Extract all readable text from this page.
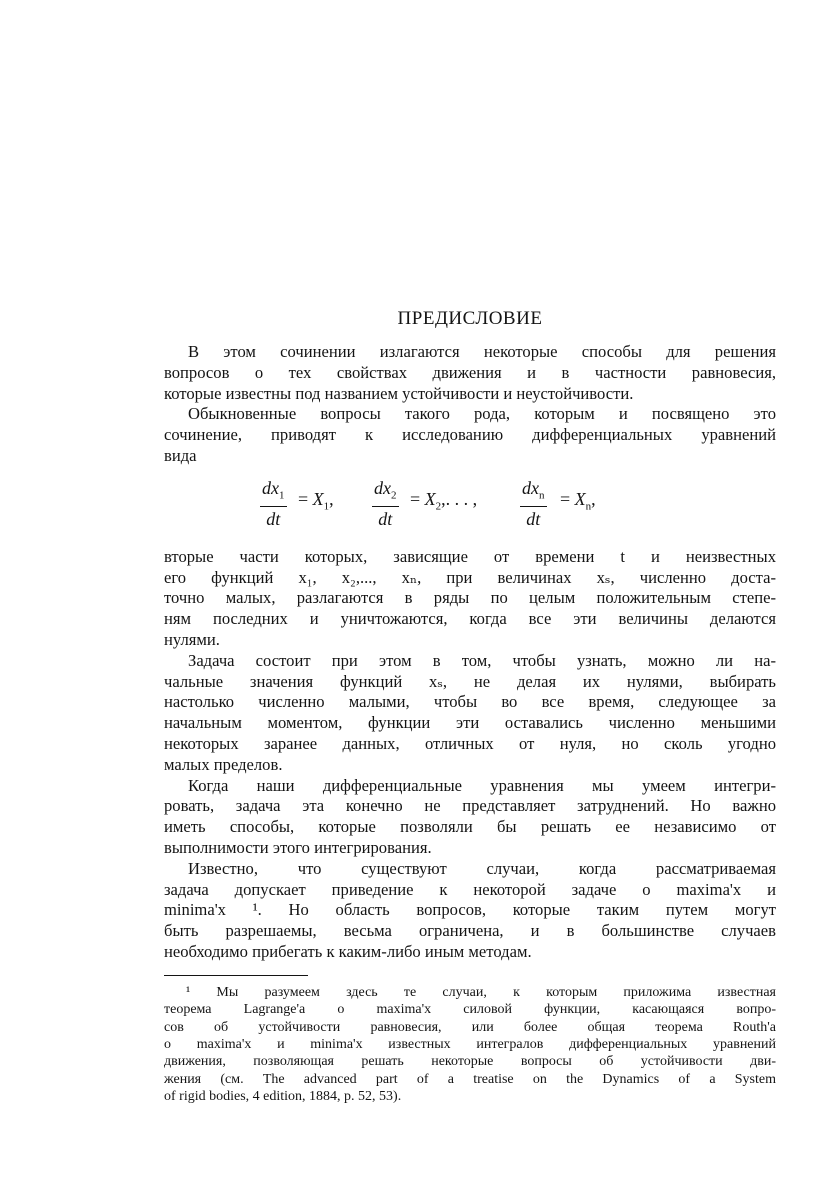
ПРЕДИСЛОВИЕ

В этом сочинении излагаются некоторые способы для решения
вопросов о тех свойствах движения и в частности равновесия,
которые известны под названием устойчивости и неустойчивости.

Обыкновенные вопросы такого рода, которым и посвящено это
сочинение, приводят к исследованию дифференциальных уравнений
вида

$\frac{dx_1}{dt} = X_1$, $\frac{dx_2}{dt} = X_2$,. . . ,
$dx_n$
dt
= $X_n$,

вторые части которых, зависящие от времени t и неизвестных
его функций x₁, x₂,..., xₙ, при величинах xₛ, численно доста-
точно малых, разлагаются в ряды по целым положительным степе-
ням последних и уничтожаются, когда все эти величины делаются
нулями.

Задача состоит при этом в том, чтобы узнать, можно ли на-
чальные значения функций xₛ, не делая их нулями, выбирать
настолько численно малыми, чтобы во все время, следующее за
начальным моментом, функции эти оставались численно меньшими
некоторых заранее данных, отличных от нуля, но сколь угодно
малых пределов.

Когда наши дифференциальные уравнения мы умеем интегри-
ровать, задача эта конечно не представляет затруднений. Но важно
иметь способы, которые позволяли бы решать ее независимо от
выполнимости этого интегрирования.

Известно, что существуют случаи, когда рассматриваемая
задача допускает приведение к некоторой задаче о maxima'x и
minima'x ¹. Но область вопросов, которые таким путем могут
быть разрешаемы, весьма ограничена, и в большинстве случаев
необходимо прибегать к каким-либо иным методам.

¹ Мы разумеем здесь те случаи, к которым приложима известная
теорема Lagrange'a о maxima'x силовой функции, касающаяся вопро-
сов об устойчивости равновесия, или более общая теорема Routh'a
о maxima'x и minima'x известных интегралов дифференциальных уравнений
движения, позволяющая решать некоторые вопросы об устойчивости дви-
жения (см. The advanced part of a treatise on the Dynamics of a System
of rigid bodies, 4 edition, 1884, p. 52, 53).
